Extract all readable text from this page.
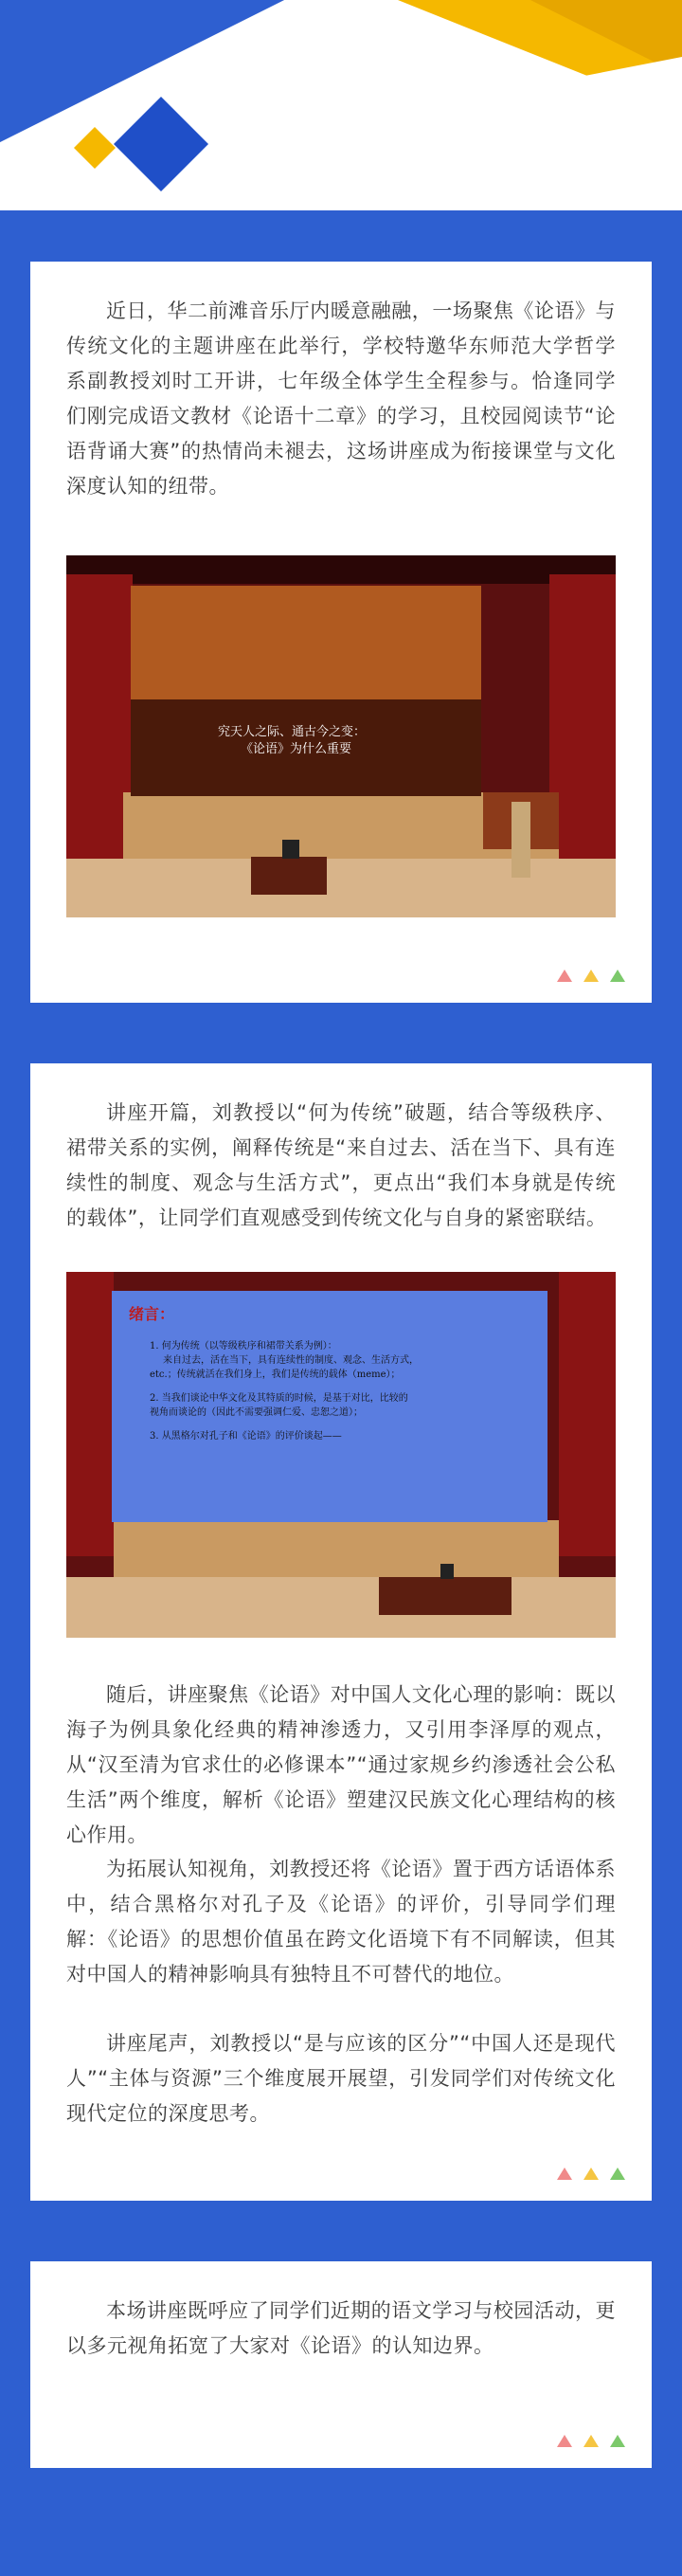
近日，华二前滩音乐厅内暖意融融，一场聚焦《论语》与传统文化的主题讲座在此举行，学校特邀华东师范大学哲学系副教授刘时工开讲，七年级全体学生全程参与。恰逢同学们刚完成语文教材《论语十二章》的学习，且校园阅读节“论语背诵大赛”的热情尚未褪去，这场讲座成为衔接课堂与文化深度认知的纽带。

究天人之际、通古今之变：
《论语》为什么重要

讲座开篇，刘教授以“何为传统”破题，结合等级秩序、裙带关系的实例，阐释传统是“来自过去、活在当下、具有连续性的制度、观念与生活方式”，更点出“我们本身就是传统的载体”，让同学们直观感受到传统文化与自身的紧密联结。

绪言：
1. 何为传统（以等级秩序和裙带关系为例）：
来自过去，活在当下，具有连续性的制度、观念、生活方式，
etc.；传统就活在我们身上，我们是传统的载体（meme）；
2. 当我们谈论中华文化及其特质的时候，是基于对比，比较的
视角而谈论的（因此不需要强调仁爱、忠恕之道）；
3. 从黑格尔对孔子和《论语》的评价谈起——

随后，讲座聚焦《论语》对中国人文化心理的影响：既以海子为例具象化经典的精神渗透力，又引用李泽厚的观点，从“汉至清为官求仕的必修课本”“通过家规乡约渗透社会公私生活”两个维度，解析《论语》塑建汉民族文化心理结构的核心作用。

为拓展认知视角，刘教授还将《论语》置于西方话语体系中，结合黑格尔对孔子及《论语》的评价，引导同学们理解：《论语》的思想价值虽在跨文化语境下有不同解读，但其对中国人的精神影响具有独特且不可替代的地位。

讲座尾声，刘教授以“是与应该的区分”“中国人还是现代人”“主体与资源”三个维度展开展望，引发同学们对传统文化现代定位的深度思考。

本场讲座既呼应了同学们近期的语文学习与校园活动，更以多元视角拓宽了大家对《论语》的认知边界。
